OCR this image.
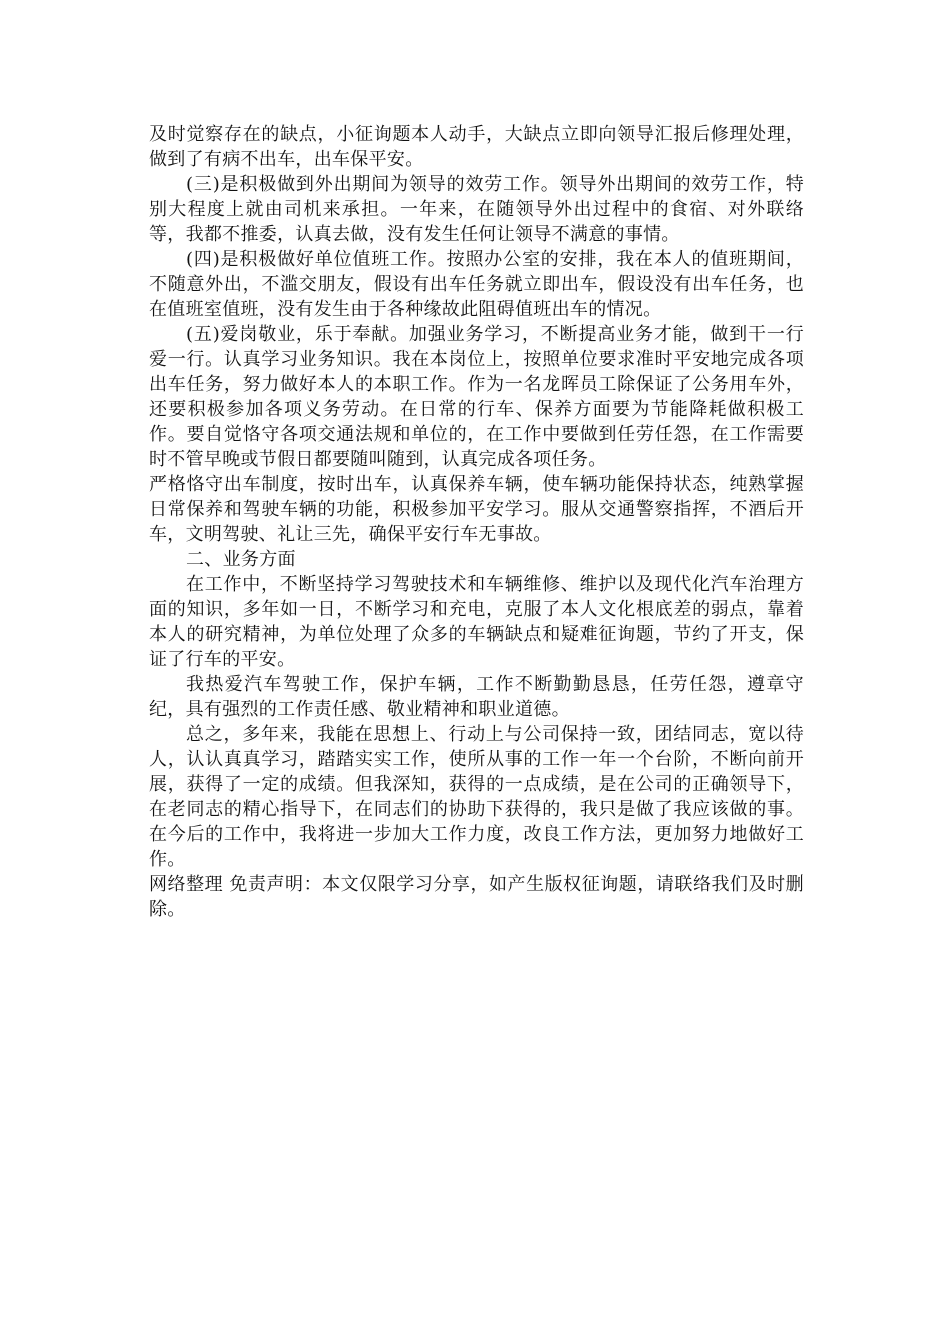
及时觉察存在的缺点，小征询题本人动手，大缺点立即向领导汇报后修理处理，做到了有病不出车，出车保平安。

(三)是积极做到外出期间为领导的效劳工作。领导外出期间的效劳工作，特别大程度上就由司机来承担。一年来，在随领导外出过程中的食宿、对外联络等，我都不推委，认真去做，没有发生任何让领导不满意的事情。

(四)是积极做好单位值班工作。按照办公室的安排，我在本人的值班期间，不随意外出，不滥交朋友，假设有出车任务就立即出车，假设没有出车任务，也在值班室值班，没有发生由于各种缘故此阻碍值班出车的情况。

(五)爱岗敬业，乐于奉献。加强业务学习，不断提高业务才能，做到干一行爱一行。认真学习业务知识。我在本岗位上，按照单位要求准时平安地完成各项出车任务，努力做好本人的本职工作。作为一名龙晖员工除保证了公务用车外，还要积极参加各项义务劳动。在日常的行车、保养方面要为节能降耗做积极工作。要自觉恪守各项交通法规和单位的，在工作中要做到任劳任怨，在工作需要时不管早晚或节假日都要随叫随到，认真完成各项任务。

严格恪守出车制度，按时出车，认真保养车辆，使车辆功能保持状态，纯熟掌握日常保养和驾驶车辆的功能，积极参加平安学习。服从交通警察指挥，不酒后开车，文明驾驶、礼让三先，确保平安行车无事故。

二、业务方面

在工作中，不断坚持学习驾驶技术和车辆维修、维护以及现代化汽车治理方面的知识，多年如一日，不断学习和充电，克服了本人文化根底差的弱点，靠着本人的研究精神，为单位处理了众多的车辆缺点和疑难征询题，节约了开支，保证了行车的平安。

我热爱汽车驾驶工作，保护车辆，工作不断勤勤恳恳，任劳任怨，遵章守纪，具有强烈的工作责任感、敬业精神和职业道德。

总之，多年来，我能在思想上、行动上与公司保持一致，团结同志，宽以待人，认认真真学习，踏踏实实工作，使所从事的工作一年一个台阶，不断向前开展，获得了一定的成绩。但我深知，获得的一点成绩，是在公司的正确领导下，在老同志的精心指导下，在同志们的协助下获得的，我只是做了我应该做的事。在今后的工作中，我将进一步加大工作力度，改良工作方法，更加努力地做好工作。

网络整理 免责声明：本文仅限学习分享，如产生版权征询题，请联络我们及时删除。
